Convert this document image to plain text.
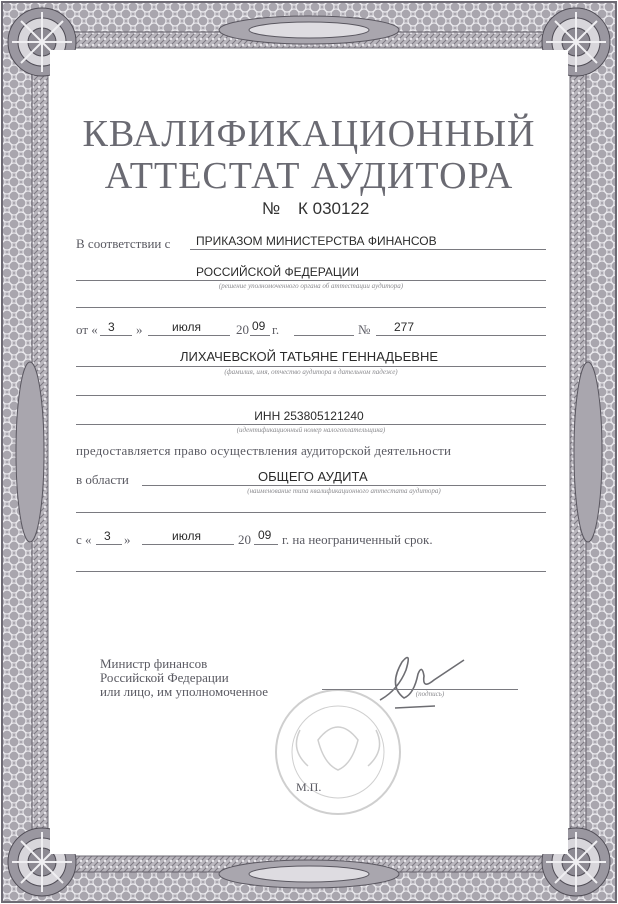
КВАЛИФИКАЦИОННЫЙ
АТТЕСТАТ АУДИТОРА
№ К 030122
В соответствии с ПРИКАЗОМ МИНИСТЕРСТВА ФИНАНСОВ
РОССИЙСКОЙ ФЕДЕРАЦИИ
(решение уполномоченного органа об аттестации аудитора)
от « 3 » июля	20 09 г.	№ 277
ЛИХАЧЕВСКОЙ ТАТЬЯНЕ ГЕННАДЬЕВНЕ
(фамилия, имя, отчество аудитора в дательном падеже)
ИНН 253805121240
(идентификационный номер налогоплательщика)
предоставляется право осуществления аудиторской деятельности
в области	ОБЩЕГО АУДИТА
(наименование типа квалификационного аттестата аудитора)
с « 3 »	июля	20 09 г. на неограниченный срок.
Министр финансов
Российской Федерации
или лицо, им уполномоченное	(подпись)
М.П.
